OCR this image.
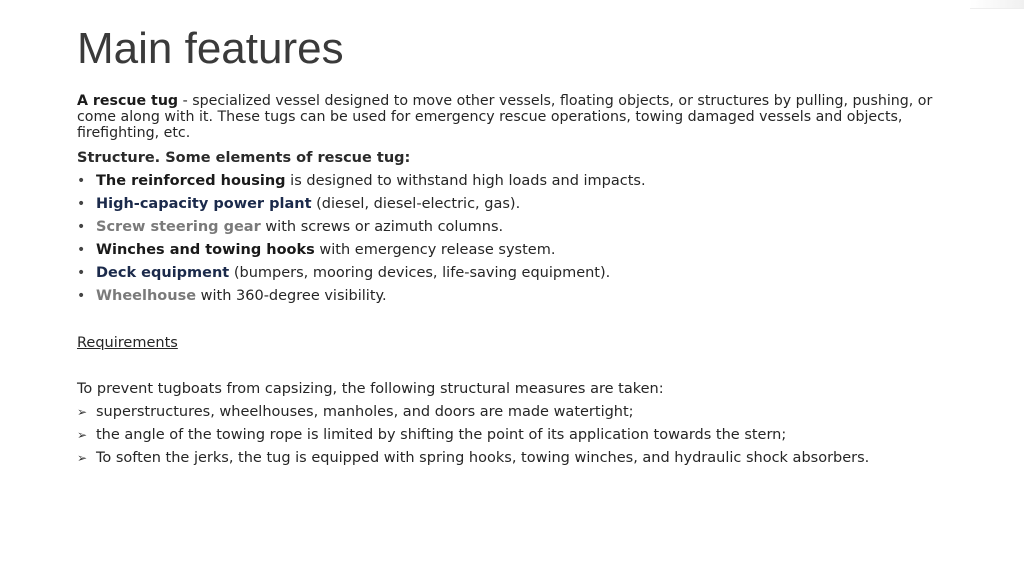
Main features

A rescue tug - specialized vessel designed to move other vessels, floating objects, or structures by pulling, pushing, or come along with it. These tugs can be used for emergency rescue operations, towing damaged vessels and objects, firefighting, etc.

Structure. Some elements of rescue tug:

• The reinforced housing is designed to withstand high loads and impacts.
• High-capacity power plant (diesel, diesel-electric, gas).
• Screw steering gear with screws or azimuth columns.
• Winches and towing hooks with emergency release system.
• Deck equipment (bumpers, mooring devices, life-saving equipment).
• Wheelhouse with 360-degree visibility.

Requirements

To prevent tugboats from capsizing, the following structural measures are taken:

➢ superstructures, wheelhouses, manholes, and doors are made watertight;
➢ the angle of the towing rope is limited by shifting the point of its application towards the stern;
➢ To soften the jerks, the tug is equipped with spring hooks, towing winches, and hydraulic shock absorbers.
